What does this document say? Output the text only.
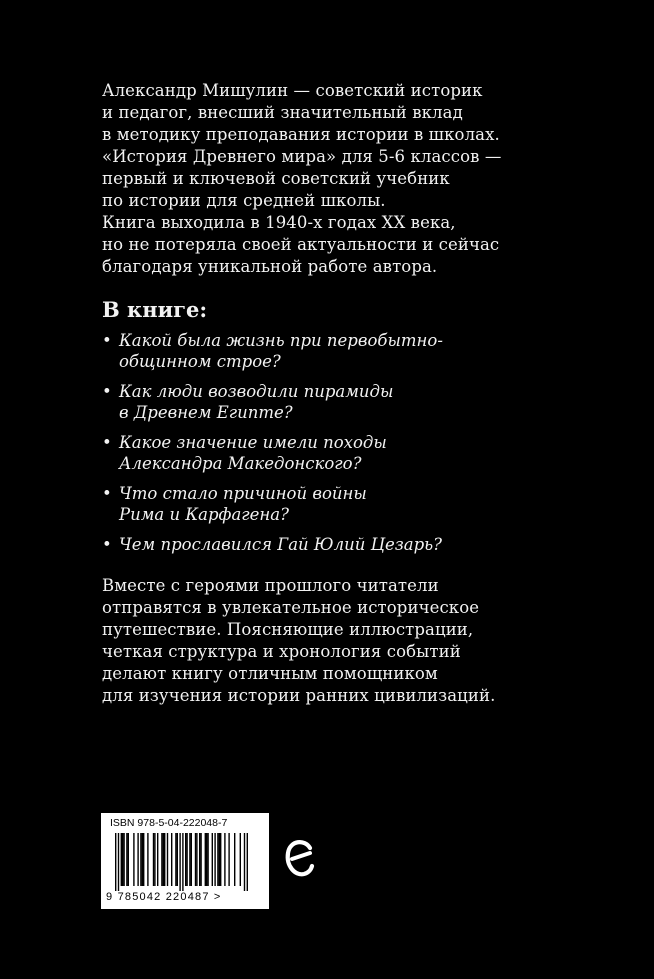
Александр Мишулин — советский историк
и педагог, внесший значительный вклад
в методику преподавания истории в школах.
«История Древнего мира» для 5-6 классов —
первый и ключевой советский учебник
по истории для средней школы.
Книга выходила в 1940-х годах XX века,
но не потеряла своей актуальности и сейчас
благодаря уникальной работе автора.
В книге:
• Какой была жизнь при первобытно-
общинном строе?
• Как люди возводили пирамиды
в Древнем Египте?
• Какое значение имели походы
Александра Македонского?
• Что стало причиной войны
Рима и Карфагена?
• Чем прославился Гай Юлий Цезарь?
Вместе с героями прошлого читатели
отправятся в увлекательное историческое
путешествие. Поясняющие иллюстрации,
четкая структура и хронология событий
делают книгу отличным помощником
для изучения истории ранних цивилизаций.
ISBN 978-5-04-222048-7
9 785042 220487 >
